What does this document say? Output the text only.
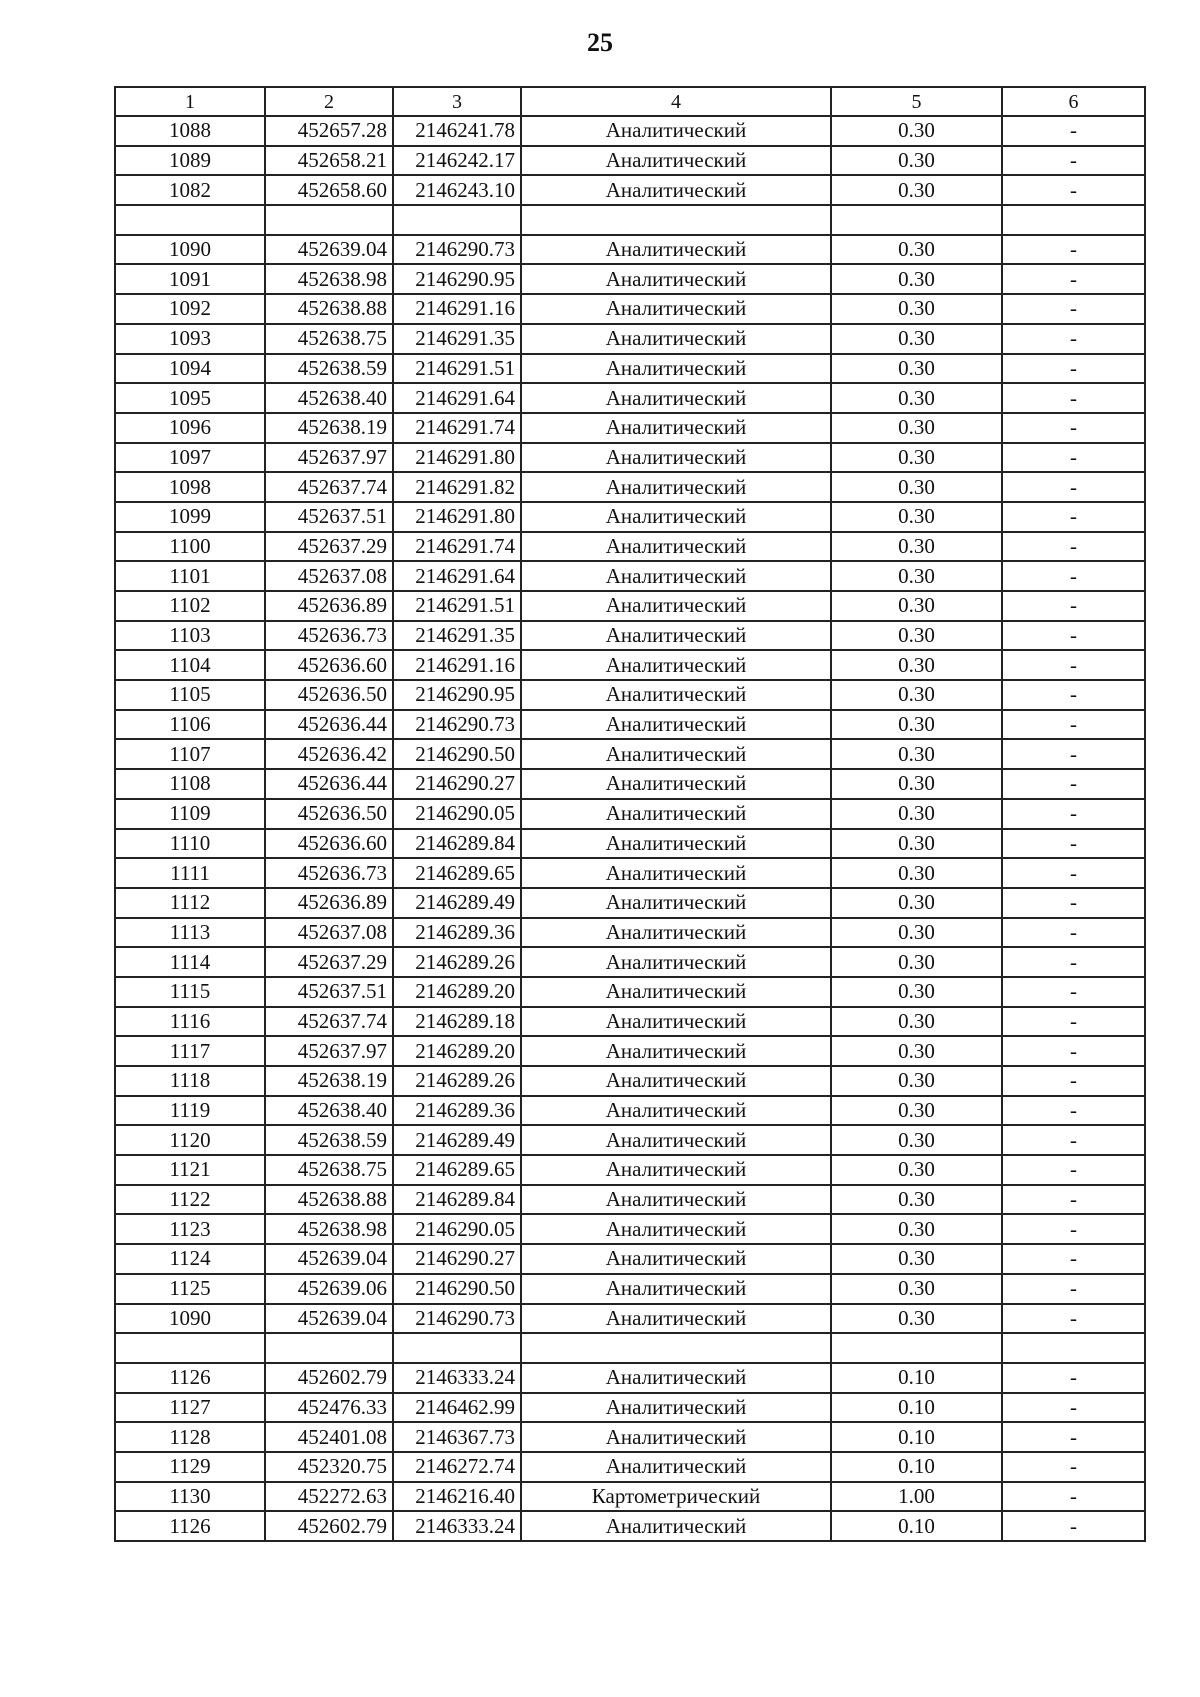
25
1	2	3	4	5	6
1088	452657.28	2146241.78	Аналитический	0.30	-
1089	452658.21	2146242.17	Аналитический	0.30	-
1082	452658.60	2146243.10	Аналитический	0.30	-

1090	452639.04	2146290.73	Аналитический	0.30	-
1091	452638.98	2146290.95	Аналитический	0.30	-
1092	452638.88	2146291.16	Аналитический	0.30	-
1093	452638.75	2146291.35	Аналитический	0.30	-
1094	452638.59	2146291.51	Аналитический	0.30	-
1095	452638.40	2146291.64	Аналитический	0.30	-
1096	452638.19	2146291.74	Аналитический	0.30	-
1097	452637.97	2146291.80	Аналитический	0.30	-
1098	452637.74	2146291.82	Аналитический	0.30	-
1099	452637.51	2146291.80	Аналитический	0.30	-
1100	452637.29	2146291.74	Аналитический	0.30	-
1101	452637.08	2146291.64	Аналитический	0.30	-
1102	452636.89	2146291.51	Аналитический	0.30	-
1103	452636.73	2146291.35	Аналитический	0.30	-
1104	452636.60	2146291.16	Аналитический	0.30	-
1105	452636.50	2146290.95	Аналитический	0.30	-
1106	452636.44	2146290.73	Аналитический	0.30	-
1107	452636.42	2146290.50	Аналитический	0.30	-
1108	452636.44	2146290.27	Аналитический	0.30	-
1109	452636.50	2146290.05	Аналитический	0.30	-
1110	452636.60	2146289.84	Аналитический	0.30	-
1111	452636.73	2146289.65	Аналитический	0.30	-
1112	452636.89	2146289.49	Аналитический	0.30	-
1113	452637.08	2146289.36	Аналитический	0.30	-
1114	452637.29	2146289.26	Аналитический	0.30	-
1115	452637.51	2146289.20	Аналитический	0.30	-
1116	452637.74	2146289.18	Аналитический	0.30	-
1117	452637.97	2146289.20	Аналитический	0.30	-
1118	452638.19	2146289.26	Аналитический	0.30	-
1119	452638.40	2146289.36	Аналитический	0.30	-
1120	452638.59	2146289.49	Аналитический	0.30	-
1121	452638.75	2146289.65	Аналитический	0.30	-
1122	452638.88	2146289.84	Аналитический	0.30	-
1123	452638.98	2146290.05	Аналитический	0.30	-
1124	452639.04	2146290.27	Аналитический	0.30	-
1125	452639.06	2146290.50	Аналитический	0.30	-
1090	452639.04	2146290.73	Аналитический	0.30	-

1126	452602.79	2146333.24	Аналитический	0.10	-
1127	452476.33	2146462.99	Аналитический	0.10	-
1128	452401.08	2146367.73	Аналитический	0.10	-
1129	452320.75	2146272.74	Аналитический	0.10	-
1130	452272.63	2146216.40	Картометрический	1.00	-
1126	452602.79	2146333.24	Аналитический	0.10	-
